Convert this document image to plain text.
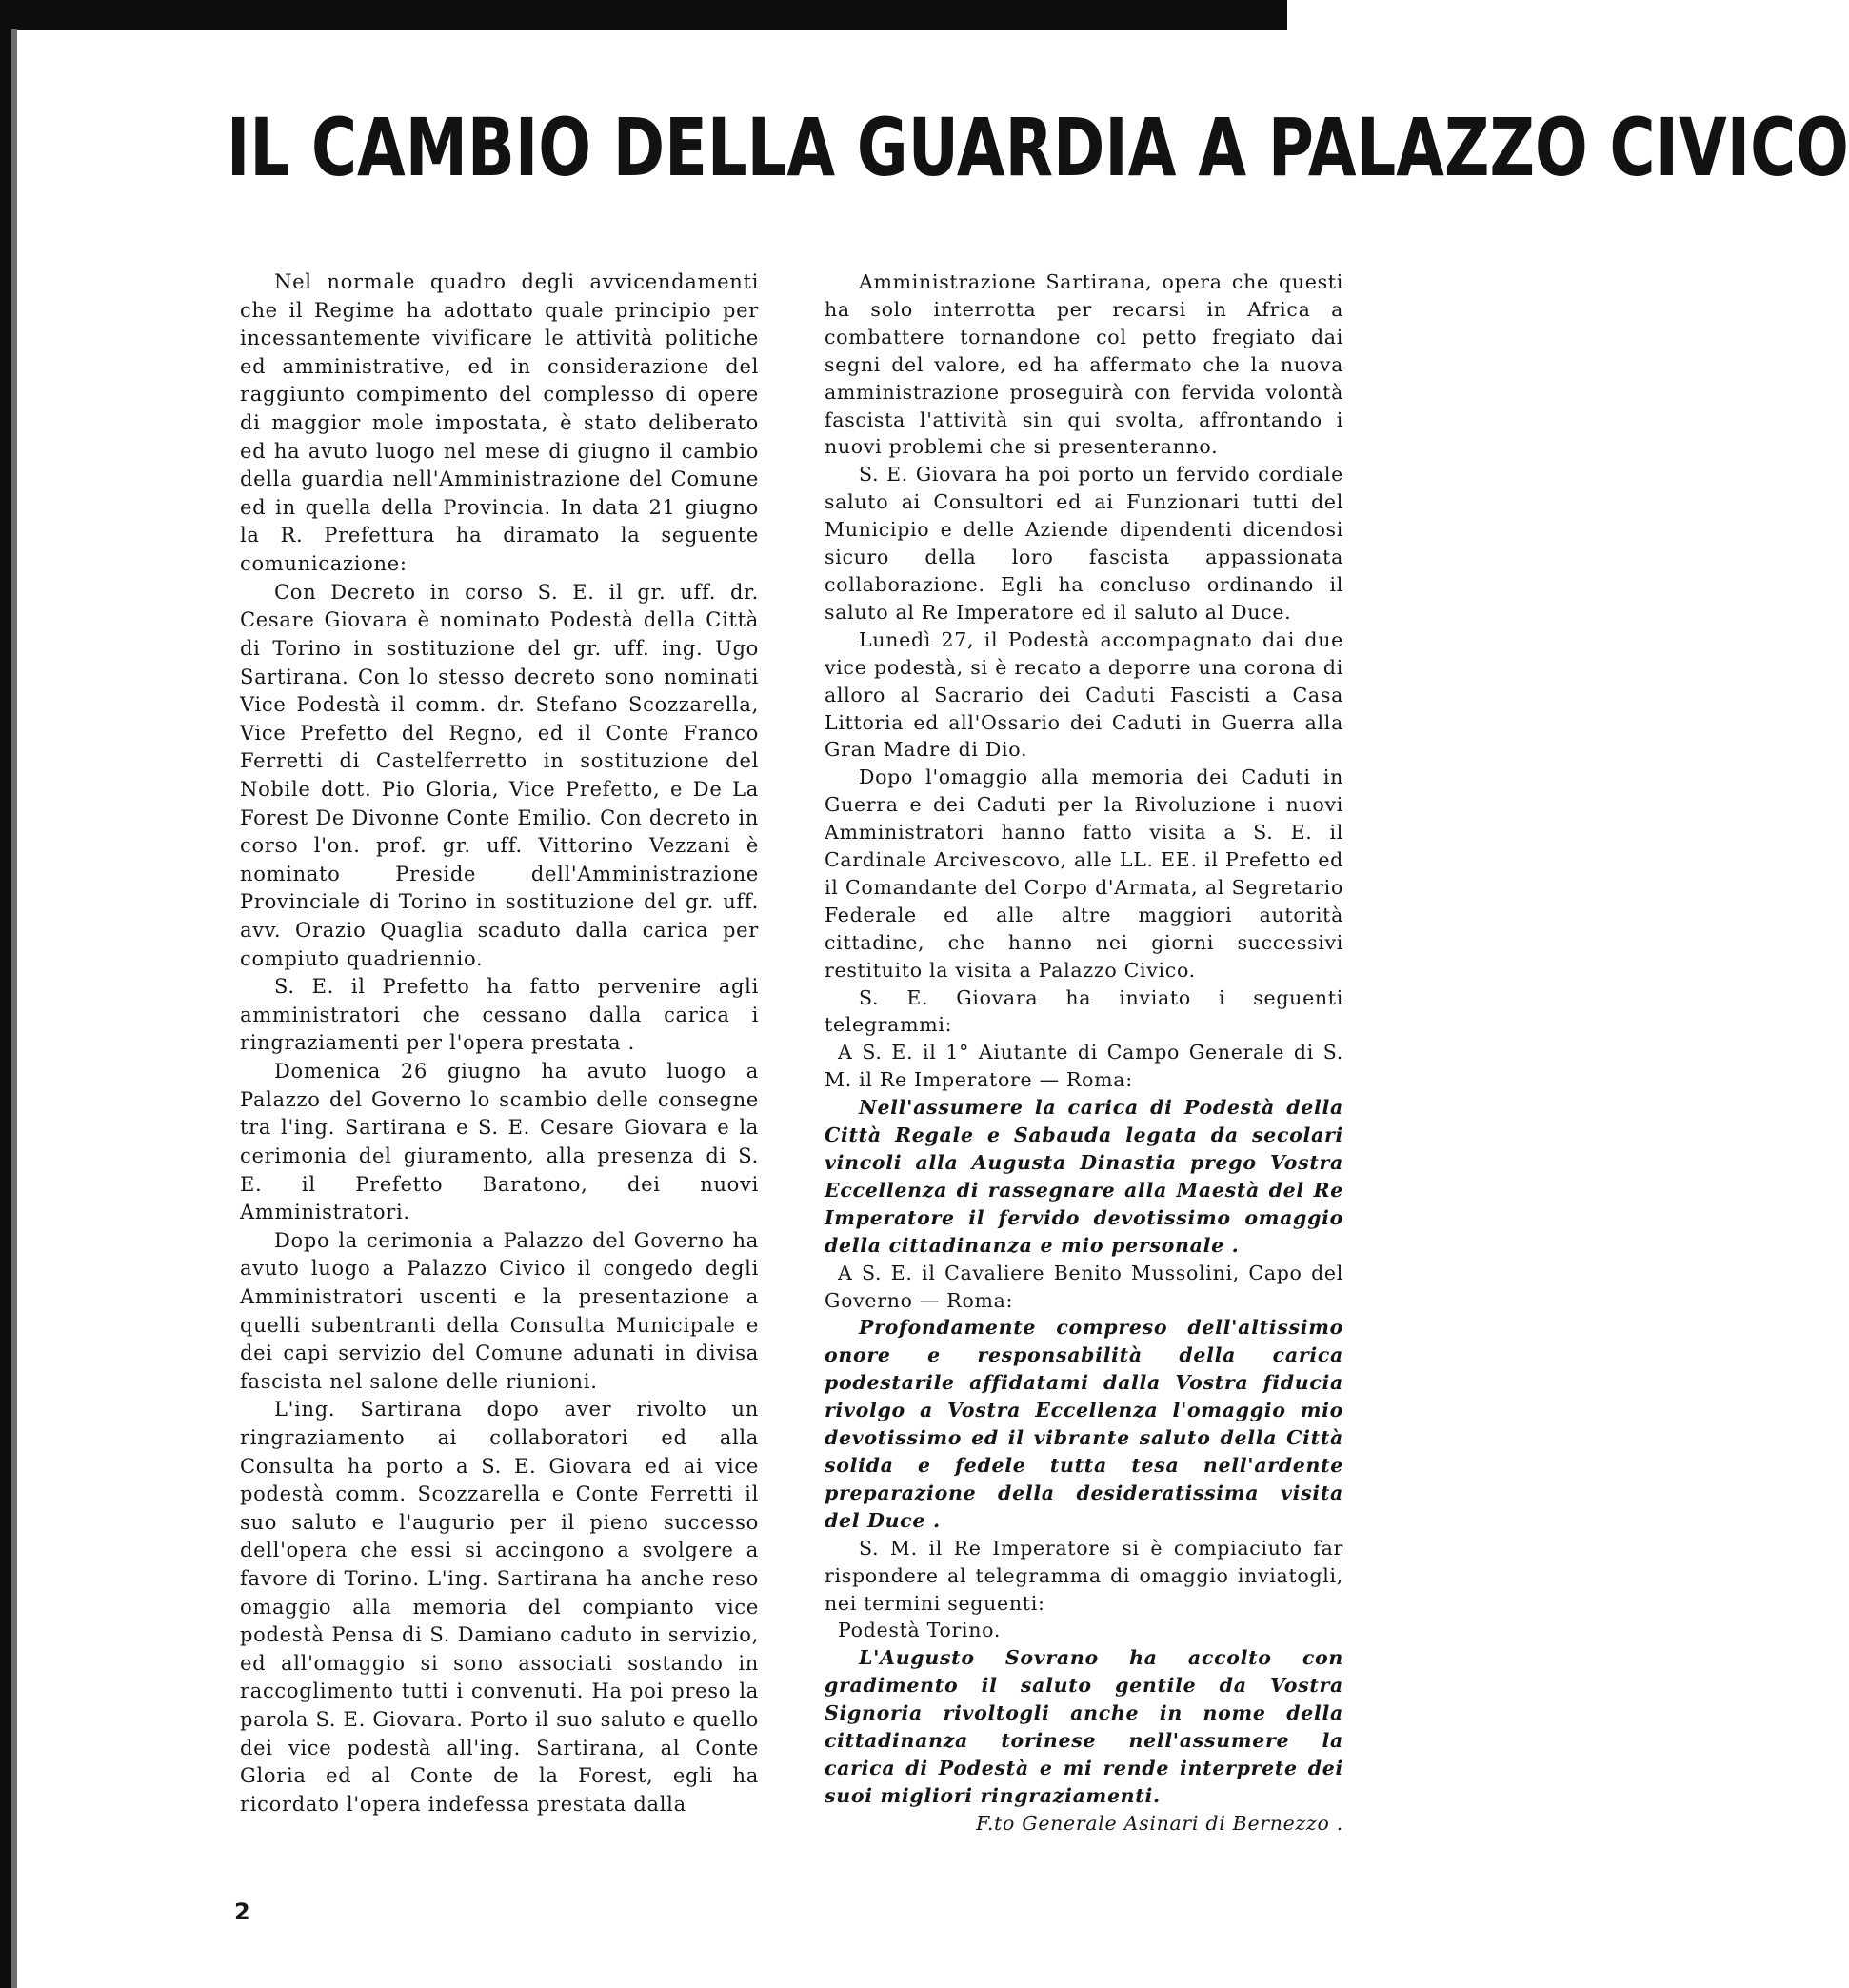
IL CAMBIO DELLA GUARDIA A PALAZZO CIVICO

Nel normale quadro degli avvicendamenti che il Regime ha adottato quale principio per incessantemente vivificare le attività politiche ed amministrative, ed in considerazione del raggiunto compimento del complesso di opere di maggior mole impostata, è stato deliberato ed ha avuto luogo nel mese di giugno il cambio della guardia nell'Amministrazione del Comune ed in quella della Provincia. In data 21 giugno la R. Prefettura ha diramato la seguente comunicazione:

Con Decreto in corso S. E. il gr. uff. dr. Cesare Giovara è nominato Podestà della Città di Torino in sostituzione del gr. uff. ing. Ugo Sartirana. Con lo stesso decreto sono nominati Vice Podestà il comm. dr. Stefano Scozzarella, Vice Prefetto del Regno, ed il Conte Franco Ferretti di Castelferretto in sostituzione del Nobile dott. Pio Gloria, Vice Prefetto, e De La Forest De Divonne Conte Emilio. Con decreto in corso l'on. prof. gr. uff. Vittorino Vezzani è nominato Preside dell'Amministrazione Provinciale di Torino in sostituzione del gr. uff. avv. Orazio Quaglia scaduto dalla carica per compiuto quadriennio.

S. E. il Prefetto ha fatto pervenire agli amministratori che cessano dalla carica i ringraziamenti per l'opera prestata .

Domenica 26 giugno ha avuto luogo a Palazzo del Governo lo scambio delle consegne tra l'ing. Sartirana e S. E. Cesare Giovara e la cerimonia del giuramento, alla presenza di S. E. il Prefetto Baratono, dei nuovi Amministratori.

Dopo la cerimonia a Palazzo del Governo ha avuto luogo a Palazzo Civico il congedo degli Amministratori uscenti e la presentazione a quelli subentranti della Consulta Municipale e dei capi servizio del Comune adunati in divisa fascista nel salone delle riunioni.

L'ing. Sartirana dopo aver rivolto un ringraziamento ai collaboratori ed alla Consulta ha porto a S. E. Giovara ed ai vice podestà comm. Scozzarella e Conte Ferretti il suo saluto e l'augurio per il pieno successo dell'opera che essi si accingono a svolgere a favore di Torino. L'ing. Sartirana ha anche reso omaggio alla memoria del compianto vice podestà Pensa di S. Damiano caduto in servizio, ed all'omaggio si sono associati sostando in raccoglimento tutti i convenuti. Ha poi preso la parola S. E. Giovara. Porto il suo saluto e quello dei vice podestà all'ing. Sartirana, al Conte Gloria ed al Conte de la Forest, egli ha ricordato l'opera indefessa prestata dalla

Amministrazione Sartirana, opera che questi ha solo interrotta per recarsi in Africa a combattere tornandone col petto fregiato dai segni del valore, ed ha affermato che la nuova amministrazione proseguirà con fervida volontà fascista l'attività sin qui svolta, affrontando i nuovi problemi che si presenteranno.

S. E. Giovara ha poi porto un fervido cordiale saluto ai Consultori ed ai Funzionari tutti del Municipio e delle Aziende dipendenti dicendosi sicuro della loro fascista appassionata collaborazione. Egli ha concluso ordinando il saluto al Re Imperatore ed il saluto al Duce.

Lunedì 27, il Podestà accompagnato dai due vice podestà, si è recato a deporre una corona di alloro al Sacrario dei Caduti Fascisti a Casa Littoria ed all'Ossario dei Caduti in Guerra alla Gran Madre di Dio.

Dopo l'omaggio alla memoria dei Caduti in Guerra e dei Caduti per la Rivoluzione i nuovi Amministratori hanno fatto visita a S. E. il Cardinale Arcivescovo, alle LL. EE. il Prefetto ed il Comandante del Corpo d'Armata, al Segretario Federale ed alle altre maggiori autorità cittadine, che hanno nei giorni successivi restituito la visita a Palazzo Civico.

S. E. Giovara ha inviato i seguenti telegrammi:

A S. E. il 1° Aiutante di Campo Generale di S. M. il Re Imperatore — Roma:

Nell'assumere la carica di Podestà della Città Regale e Sabauda legata da secolari vincoli alla Augusta Dinastia prego Vostra Eccellenza di rassegnare alla Maestà del Re Imperatore il fervido devotissimo omaggio della cittadinanza e mio personale .

A S. E. il Cavaliere Benito Mussolini, Capo del Governo — Roma:

Profondamente compreso dell'altissimo onore e responsabilità della carica podestarile affidatami dalla Vostra fiducia rivolgo a Vostra Eccellenza l'omaggio mio devotissimo ed il vibrante saluto della Città solida e fedele tutta tesa nell'ardente preparazione della desideratissima visita del Duce .

S. M. il Re Imperatore si è compiaciuto far rispondere al telegramma di omaggio inviatogli, nei termini seguenti:

Podestà Torino.

L'Augusto Sovrano ha accolto con gradimento il saluto gentile da Vostra Signoria rivoltogli anche in nome della cittadinanza torinese nell'assumere la carica di Podestà e mi rende interprete dei suoi migliori ringraziamenti.

F.to Generale Asinari di Bernezzo .

2
